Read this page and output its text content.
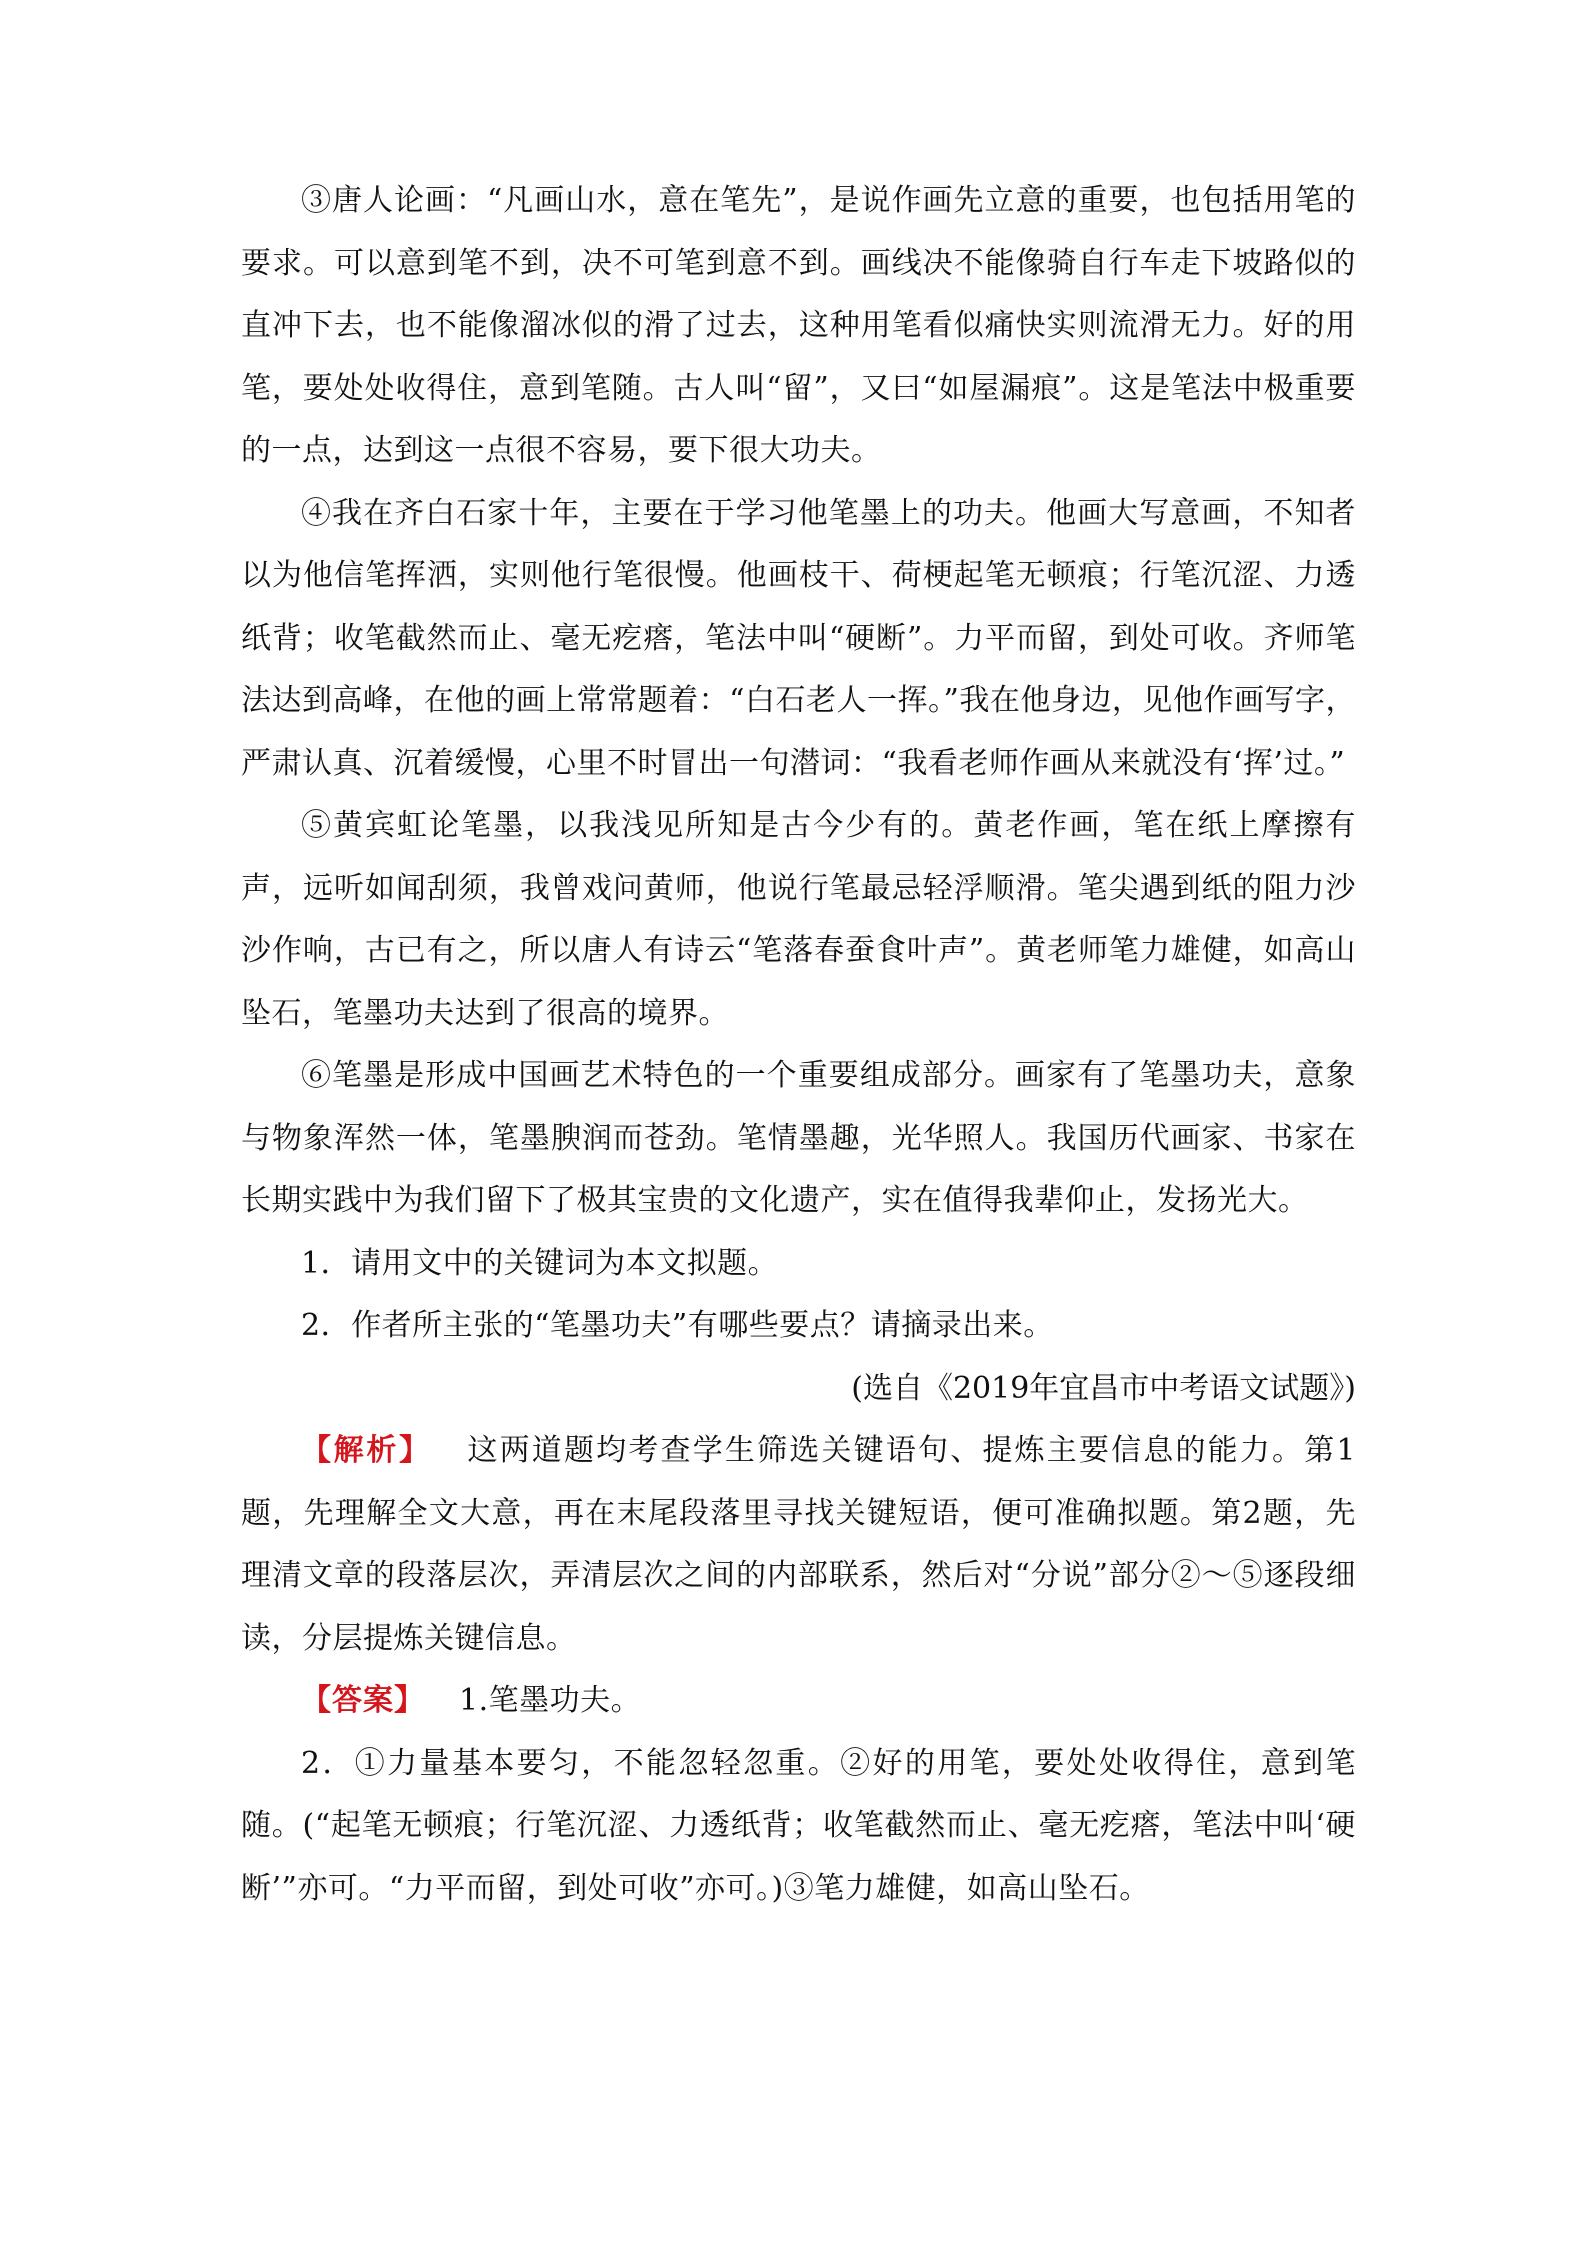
③唐人论画：“凡画山水，意在笔先”，是说作画先立意的重要，也包括用笔的要求。可以意到笔不到，决不可笔到意不到。画线决不能像骑自行车走下坡路似的直冲下去，也不能像溜冰似的滑了过去，这种用笔看似痛快实则流滑无力。好的用笔，要处处收得住，意到笔随。古人叫“留”，又曰“如屋漏痕”。这是笔法中极重要的一点，达到这一点很不容易，要下很大功夫。

④我在齐白石家十年，主要在于学习他笔墨上的功夫。他画大写意画，不知者以为他信笔挥洒，实则他行笔很慢。他画枝干、荷梗起笔无顿痕；行笔沉涩、力透纸背；收笔截然而止、毫无疙瘩，笔法中叫“硬断”。力平而留，到处可收。齐师笔法达到高峰，在他的画上常常题着：“白石老人一挥。”我在他身边，见他作画写字，严肃认真、沉着缓慢，心里不时冒出一句潜词：“我看老师作画从来就没有‘挥’过。”

⑤黄宾虹论笔墨，以我浅见所知是古今少有的。黄老作画，笔在纸上摩擦有声，远听如闻刮须，我曾戏问黄师，他说行笔最忌轻浮顺滑。笔尖遇到纸的阻力沙沙作响，古已有之，所以唐人有诗云“笔落春蚕食叶声”。黄老师笔力雄健，如高山坠石，笔墨功夫达到了很高的境界。

⑥笔墨是形成中国画艺术特色的一个重要组成部分。画家有了笔墨功夫，意象与物象浑然一体，笔墨腴润而苍劲。笔情墨趣，光华照人。我国历代画家、书家在长期实践中为我们留下了极其宝贵的文化遗产，实在值得我辈仰止，发扬光大。

1．请用文中的关键词为本文拟题。

2．作者所主张的“笔墨功夫”有哪些要点？请摘录出来。

(选自《2019年宜昌市中考语文试题》)

【解析】 这两道题均考查学生筛选关键语句、提炼主要信息的能力。第1题，先理解全文大意，再在末尾段落里寻找关键短语，便可准确拟题。第2题，先理清文章的段落层次，弄清层次之间的内部联系，然后对“分说”部分②～⑤逐段细读，分层提炼关键信息。

【答案】 1.笔墨功夫。

2．①力量基本要匀，不能忽轻忽重。②好的用笔，要处处收得住，意到笔随。(“起笔无顿痕；行笔沉涩、力透纸背；收笔截然而止、毫无疙瘩，笔法中叫‘硬断’”亦可。“力平而留，到处可收”亦可。)③笔力雄健，如高山坠石。
